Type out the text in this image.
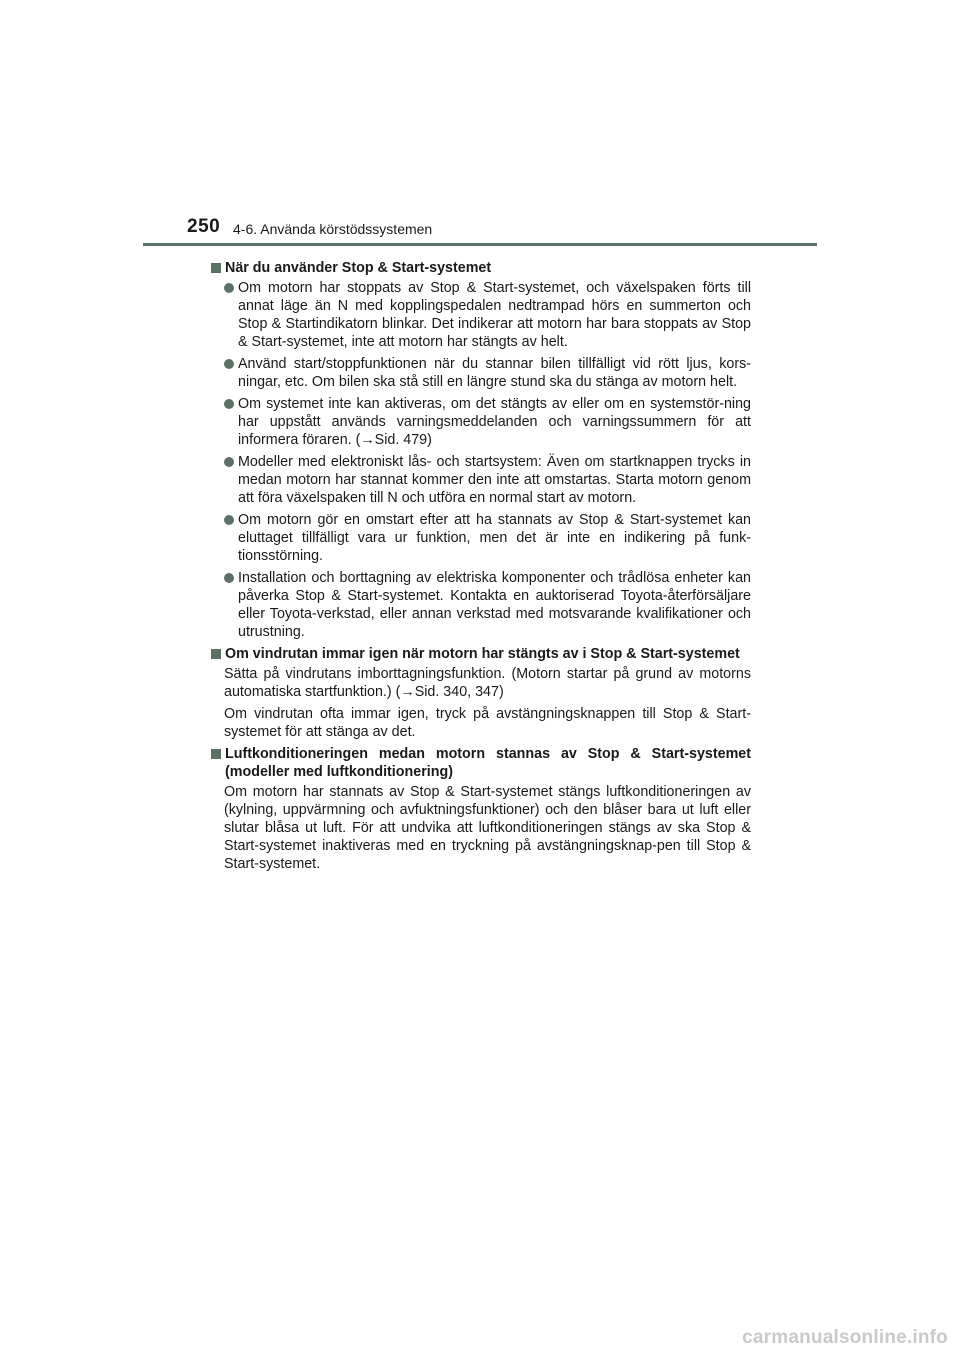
250 4-6. Använda körstödssystemen
När du använder Stop & Start-systemet
Om motorn har stoppats av Stop & Start-systemet, och växelspaken förts till annat läge än N med kopplingspedalen nedtrampad hörs en summerton och Stop & Startindikatorn blinkar. Det indikerar att motorn har bara stoppats av Stop & Start-systemet, inte att motorn har stängts av helt.
Använd start/stoppfunktionen när du stannar bilen tillfälligt vid rött ljus, kors-ningar, etc. Om bilen ska stå still en längre stund ska du stänga av motorn helt.
Om systemet inte kan aktiveras, om det stängts av eller om en systemstör-ning har uppstått används varningsmeddelanden och varningssummern för att informera föraren. (→Sid. 479)
Modeller med elektroniskt lås- och startsystem: Även om startknappen trycks in medan motorn har stannat kommer den inte att omstartas. Starta motorn genom att föra växelspaken till N och utföra en normal start av motorn.
Om motorn gör en omstart efter att ha stannats av Stop & Start-systemet kan eluttaget tillfälligt vara ur funktion, men det är inte en indikering på funk-tionsstörning.
Installation och borttagning av elektriska komponenter och trådlösa enheter kan påverka Stop & Start-systemet. Kontakta en auktoriserad Toyota-återförsäljare eller Toyota-verkstad, eller annan verkstad med motsvarande kvalifikationer och utrustning.
Om vindrutan immar igen när motorn har stängts av i Stop & Start-systemet
Sätta på vindrutans imborttagningsfunktion. (Motorn startar på grund av motorns automatiska startfunktion.) (→Sid. 340, 347)
Om vindrutan ofta immar igen, tryck på avstängningsknappen till Stop & Start-systemet för att stänga av det.
Luftkonditioneringen medan motorn stannas av Stop & Start-systemet (modeller med luftkonditionering)
Om motorn har stannats av Stop & Start-systemet stängs luftkonditioneringen av (kylning, uppvärmning och avfuktningsfunktioner) och den blåser bara ut luft eller slutar blåsa ut luft. För att undvika att luftkonditioneringen stängs av ska Stop & Start-systemet inaktiveras med en tryckning på avstängningsknap-pen till Stop & Start-systemet.
carmanualsonline.info
